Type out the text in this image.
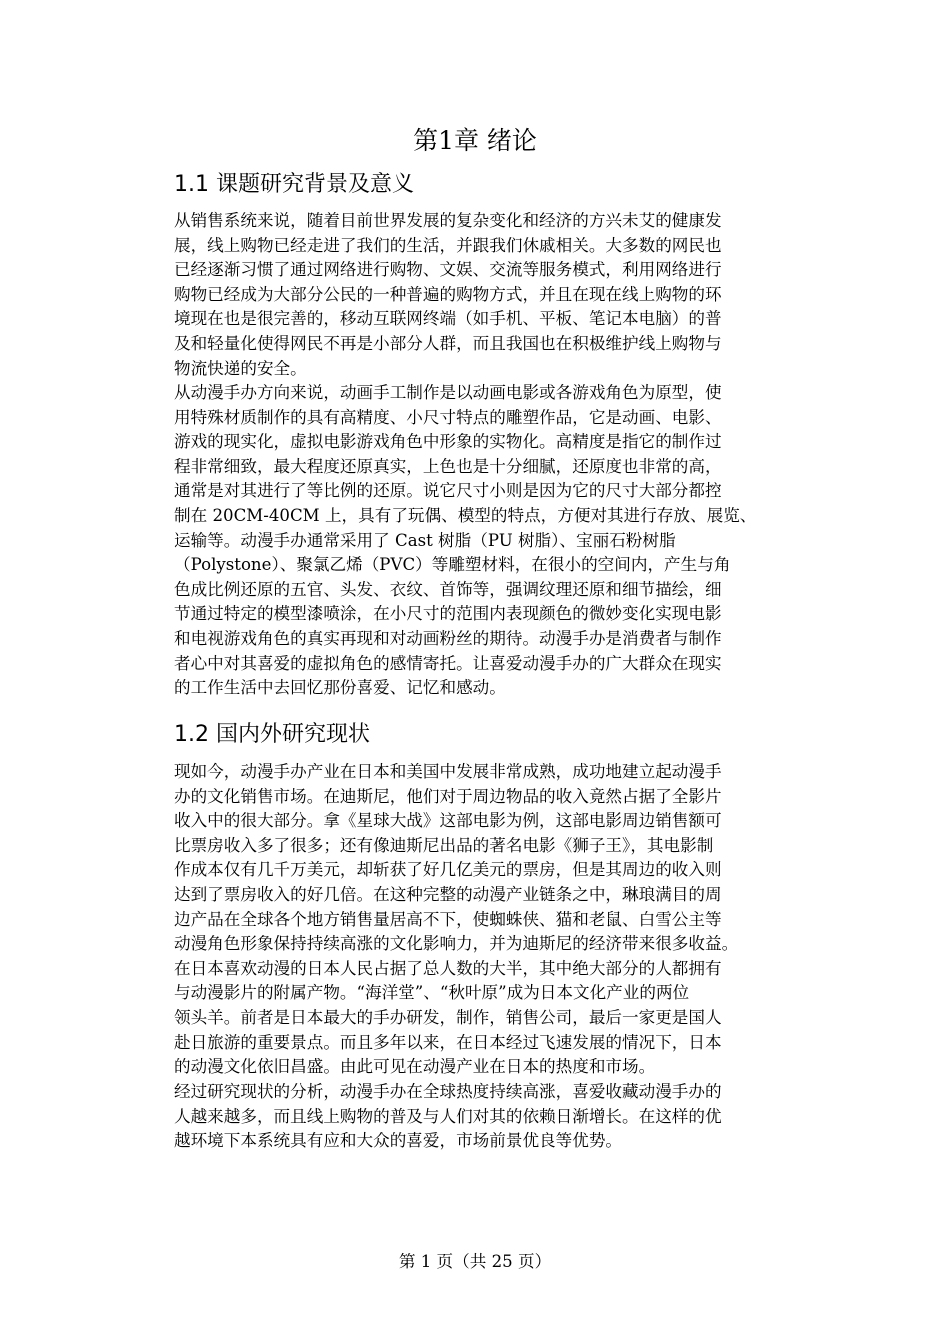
第1章 绪论
1.1 课题研究背景及意义
从销售系统来说，随着目前世界发展的复杂变化和经济的方兴未艾的健康发
展，线上购物已经走进了我们的生活，并跟我们休戚相关。大多数的网民也
已经逐渐习惯了通过网络进行购物、文娱、交流等服务模式，利用网络进行
购物已经成为大部分公民的一种普遍的购物方式，并且在现在线上购物的环
境现在也是很完善的，移动互联网终端（如手机、平板、笔记本电脑）的普
及和轻量化使得网民不再是小部分人群，而且我国也在积极维护线上购物与
物流快递的安全。
从动漫手办方向来说，动画手工制作是以动画电影或各游戏角色为原型，使
用特殊材质制作的具有高精度、小尺寸特点的雕塑作品，它是动画、电影、
游戏的现实化，虚拟电影游戏角色中形象的实物化。高精度是指它的制作过
程非常细致，最大程度还原真实，上色也是十分细腻，还原度也非常的高，
通常是对其进行了等比例的还原。说它尺寸小则是因为它的尺寸大部分都控
制在 20CM-40CM 上，具有了玩偶、模型的特点，方便对其进行存放、展览、
运输等。动漫手办通常采用了 Cast 树脂（PU 树脂）、宝丽石粉树脂
（Polystone）、聚氯乙烯（PVC）等雕塑材料，在很小的空间内，产生与角
色成比例还原的五官、头发、衣纹、首饰等，强调纹理还原和细节描绘，细
节通过特定的模型漆喷涂，在小尺寸的范围内表现颜色的微妙变化实现电影
和电视游戏角色的真实再现和对动画粉丝的期待。动漫手办是消费者与制作
者心中对其喜爱的虚拟角色的感情寄托。让喜爱动漫手办的广大群众在现实
的工作生活中去回忆那份喜爱、记忆和感动。
1.2 国内外研究现状
现如今，动漫手办产业在日本和美国中发展非常成熟，成功地建立起动漫手
办的文化销售市场。在迪斯尼，他们对于周边物品的收入竟然占据了全影片
收入中的很大部分。拿《星球大战》这部电影为例，这部电影周边销售额可
比票房收入多了很多；还有像迪斯尼出品的著名电影《狮子王》，其电影制
作成本仅有几千万美元，却斩获了好几亿美元的票房，但是其周边的收入则
达到了票房收入的好几倍。在这种完整的动漫产业链条之中，琳琅满目的周
边产品在全球各个地方销售量居高不下，使蜘蛛侠、猫和老鼠、白雪公主等
动漫角色形象保持持续高涨的文化影响力，并为迪斯尼的经济带来很多收益。
在日本喜欢动漫的日本人民占据了总人数的大半，其中绝大部分的人都拥有
与动漫影片的附属产物。“海洋堂”、“秋叶原”成为日本文化产业的两位
领头羊。前者是日本最大的手办研发，制作，销售公司，最后一家更是国人
赴日旅游的重要景点。而且多年以来，在日本经过飞速发展的情况下，日本
的动漫文化依旧昌盛。由此可见在动漫产业在日本的热度和市场。
经过研究现状的分析，动漫手办在全球热度持续高涨，喜爱收藏动漫手办的
人越来越多，而且线上购物的普及与人们对其的依赖日渐增长。在这样的优
越环境下本系统具有应和大众的喜爱，市场前景优良等优势。
第 1 页（共 25 页）
